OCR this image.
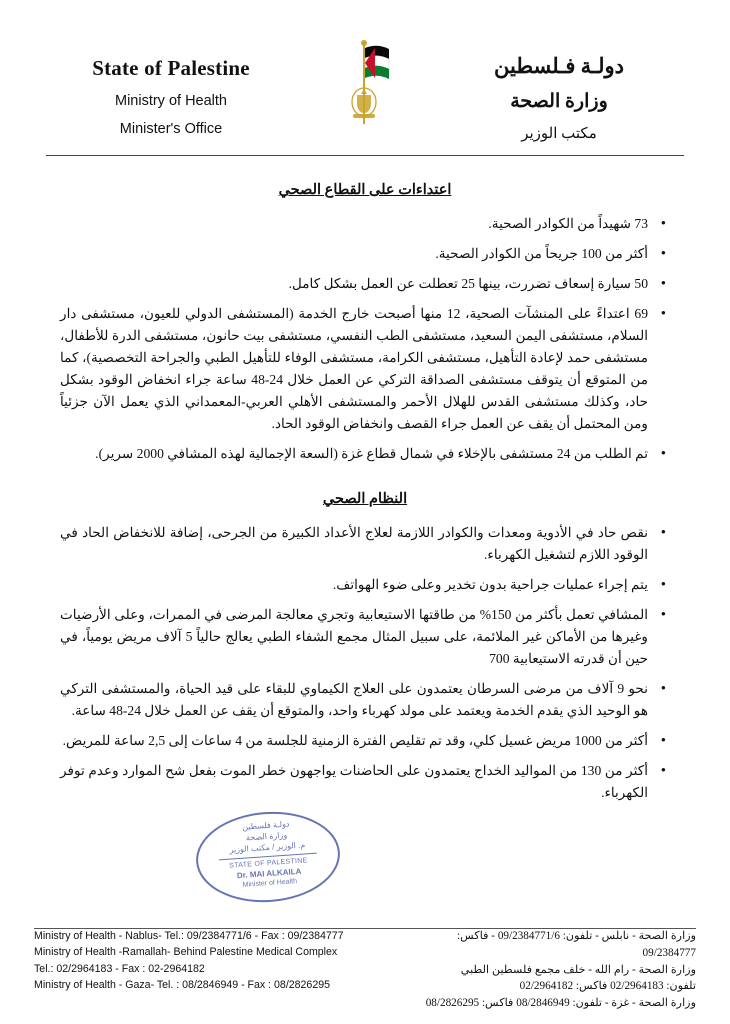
State of Palestine
Ministry of Health
Minister's Office
دولـة فـلسطين
وزارة الصحة
مكتب الوزير
اعتداءات على القطاع الصحي
• 73 شهيداً من الكوادر الصحية.
• أكثر من 100 جريحاً من الكوادر الصحية.
• 50 سيارة إسعاف تضررت، بينها 25 تعطلت عن العمل بشكل كامل.
• 69 اعتداءً على المنشآت الصحية، 12 منها أصبحت خارج الخدمة (المستشفى الدولي للعيون، مستشفى دار السلام، مستشفى اليمن السعيد، مستشفى الطب النفسي، مستشفى بيت حانون، مستشفى الدرة للأطفال، مستشفى حمد لإعادة التأهيل، مستشفى الكرامة، مستشفى الوفاء للتأهيل الطبي والجراحة التخصصية)، كما من المتوقع أن يتوقف مستشفى الصداقة التركي عن العمل خلال 24-48 ساعة جراء انخفاض الوقود بشكل حاد، وكذلك مستشفى القدس للهلال الأحمر والمستشفى الأهلي العربي-المعمداني الذي يعمل الآن جزئياً ومن المحتمل أن يقف عن العمل جراء القصف وانخفاض الوقود الحاد.
• تم الطلب من 24 مستشفى بالإخلاء في شمال قطاع غزة (السعة الإجمالية لهذه المشافي 2000 سرير).
النظام الصحي
• نقص حاد في الأدوية ومعدات والكوادر اللازمة لعلاج الأعداد الكبيرة من الجرحى، إضافة للانخفاض الحاد في الوقود اللازم لتشغيل الكهرباء.
• يتم إجراء عمليات جراحية بدون تخدير وعلى ضوء الهواتف.
• المشافي تعمل بأكثر من 150% من طاقتها الاستيعابية وتجري معالجة المرضى في الممرات، وعلى الأرضيات وغيرها من الأماكن غير الملائمة، على سبيل المثال مجمع الشفاء الطبي يعالج حالياً 5 آلاف مريض يومياً، في حين أن قدرته الاستيعابية 700
• نحو 9 آلاف من مرضى السرطان يعتمدون على العلاج الكيماوي للبقاء على قيد الحياة، والمستشفى التركي هو الوحيد الذي يقدم الخدمة ويعتمد على مولد كهرباء واحد، والمتوقع أن يقف عن العمل خلال 24-48 ساعة.
• أكثر من 1000 مريض غسيل كلي، وقد تم تقليص الفترة الزمنية للجلسة من 4 ساعات إلى 2,5 ساعة للمريض.
• أكثر من 130 من المواليد الخداج يعتمدون على الحاضنات يواجهون خطر الموت بفعل شح الموارد وعدم توفر الكهرباء.
دولـة فلسطين
وزارة الصحة
م. الوزير / مكتب الوزير
STATE OF PALESTINE
Dr. MAI ALKAILA
Minister of Health
Ministry of Health - Nablus- Tel.: 09/2384771/6 - Fax : 09/2384777
Ministry of Health -Ramallah- Behind Palestine Medical Complex
Tel.: 02/2964183 - Fax : 02-2964182
Ministry of Health - Gaza- Tel. : 08/2846949 - Fax : 08/2826295
وزارة الصحة - نابلس - تلفون: 09/2384771/6 - فاكس: 09/2384777
وزارة الصحة - رام الله - خلف مجمع فلسطين الطبي
تلفون: 02/2964183 فاكس: 02/2964182
وزارة الصحة - غزة - تلفون: 08/2846949 فاكس: 08/2826295
